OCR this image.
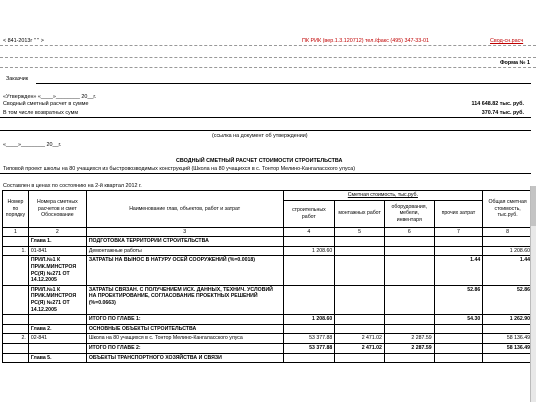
< 841-2013г " " >	ПК РИК (вер.1.3.120712) тел./факс (495) 347-33-01	Свод-сн.расч
Форма № 1
Заказчик
«Утвержден» «____»________ 20__г.
Сводный сметный расчет в сумме	114 648.82 тыс. руб.
В том числе возвратных сумм	370.74 тыс. руб.
(ссылка на документ об утверждении)
«____»________ 20__г.
СВОДНЫЙ СМЕТНЫЙ РАСЧЕТ СТОИМОСТИ СТРОИТЕЛЬСТВА
Типовой проект школы на 80 учащихся из быстровозводимых конструкций (Школа на 80 учащихся в с. Тонтор Мелино-Кангаласского улуса)
Составлен в ценах по состоянию на 2-й квартал 2012 г.
Номер по порядку	Номера сметных расчетов и смет Обоснование	Наименование глав, объектов, работ и затрат	Сметная стоимость, тыс.руб.				Общая сметная стоимость, тыс.руб.
			строительных работ	монтажных работ	оборудования, мебели, инвентаря	прочих затрат	
1	2	3	4	5	6	7	8
	Глава 1.	ПОДГОТОВКА ТЕРРИТОРИИ СТРОИТЕЛЬСТВА					
1.	01-841	Демонтажные работы	1 208.60				1 208.60
	ПРИЛ.№1 К ПРИК.МИНСТРОЯ РС(Я) №271 ОТ 14.12.2005	ЗАТРАТЫ НА ВЫНОС В НАТУРУ ОСЕЙ СООРУЖЕНИЙ (%=0.0018)				1.44	1.44
	ПРИЛ.№1 К ПРИК.МИНСТРОЯ РС(Я) №271 ОТ 14.12.2005	ЗАТРАТЫ СВЯЗАН. С ПОЛУЧЕНИЕМ ИСХ. ДАННЫХ, ТЕХНИЧ. УСЛОВИЙ НА ПРОЕКТИРОВАНИЕ, СОГЛАСОВАНИЕ ПРОЕКТНЫХ РЕШЕНИЙ (%=0.0663)				52.86	52.86
		ИТОГО ПО ГЛАВЕ 1:	1 208.60			54.30	1 262.90
	Глава 2.	ОСНОВНЫЕ ОБЪЕКТЫ СТРОИТЕЛЬСТВА					
2.	02-841	Школа на 80 учащихся в с. Тонтор Мелино-Кангаласского улуса	53 377.88	2 471.02	2 287.59		58 136.49
		ИТОГО ПО ГЛАВЕ 2:	53 377.88	2 471.02	2 287.59		58 136.49
	Глава 5.	ОБЪЕКТЫ ТРАНСПОРТНОГО ХОЗЯЙСТВА И СВЯЗИ					
